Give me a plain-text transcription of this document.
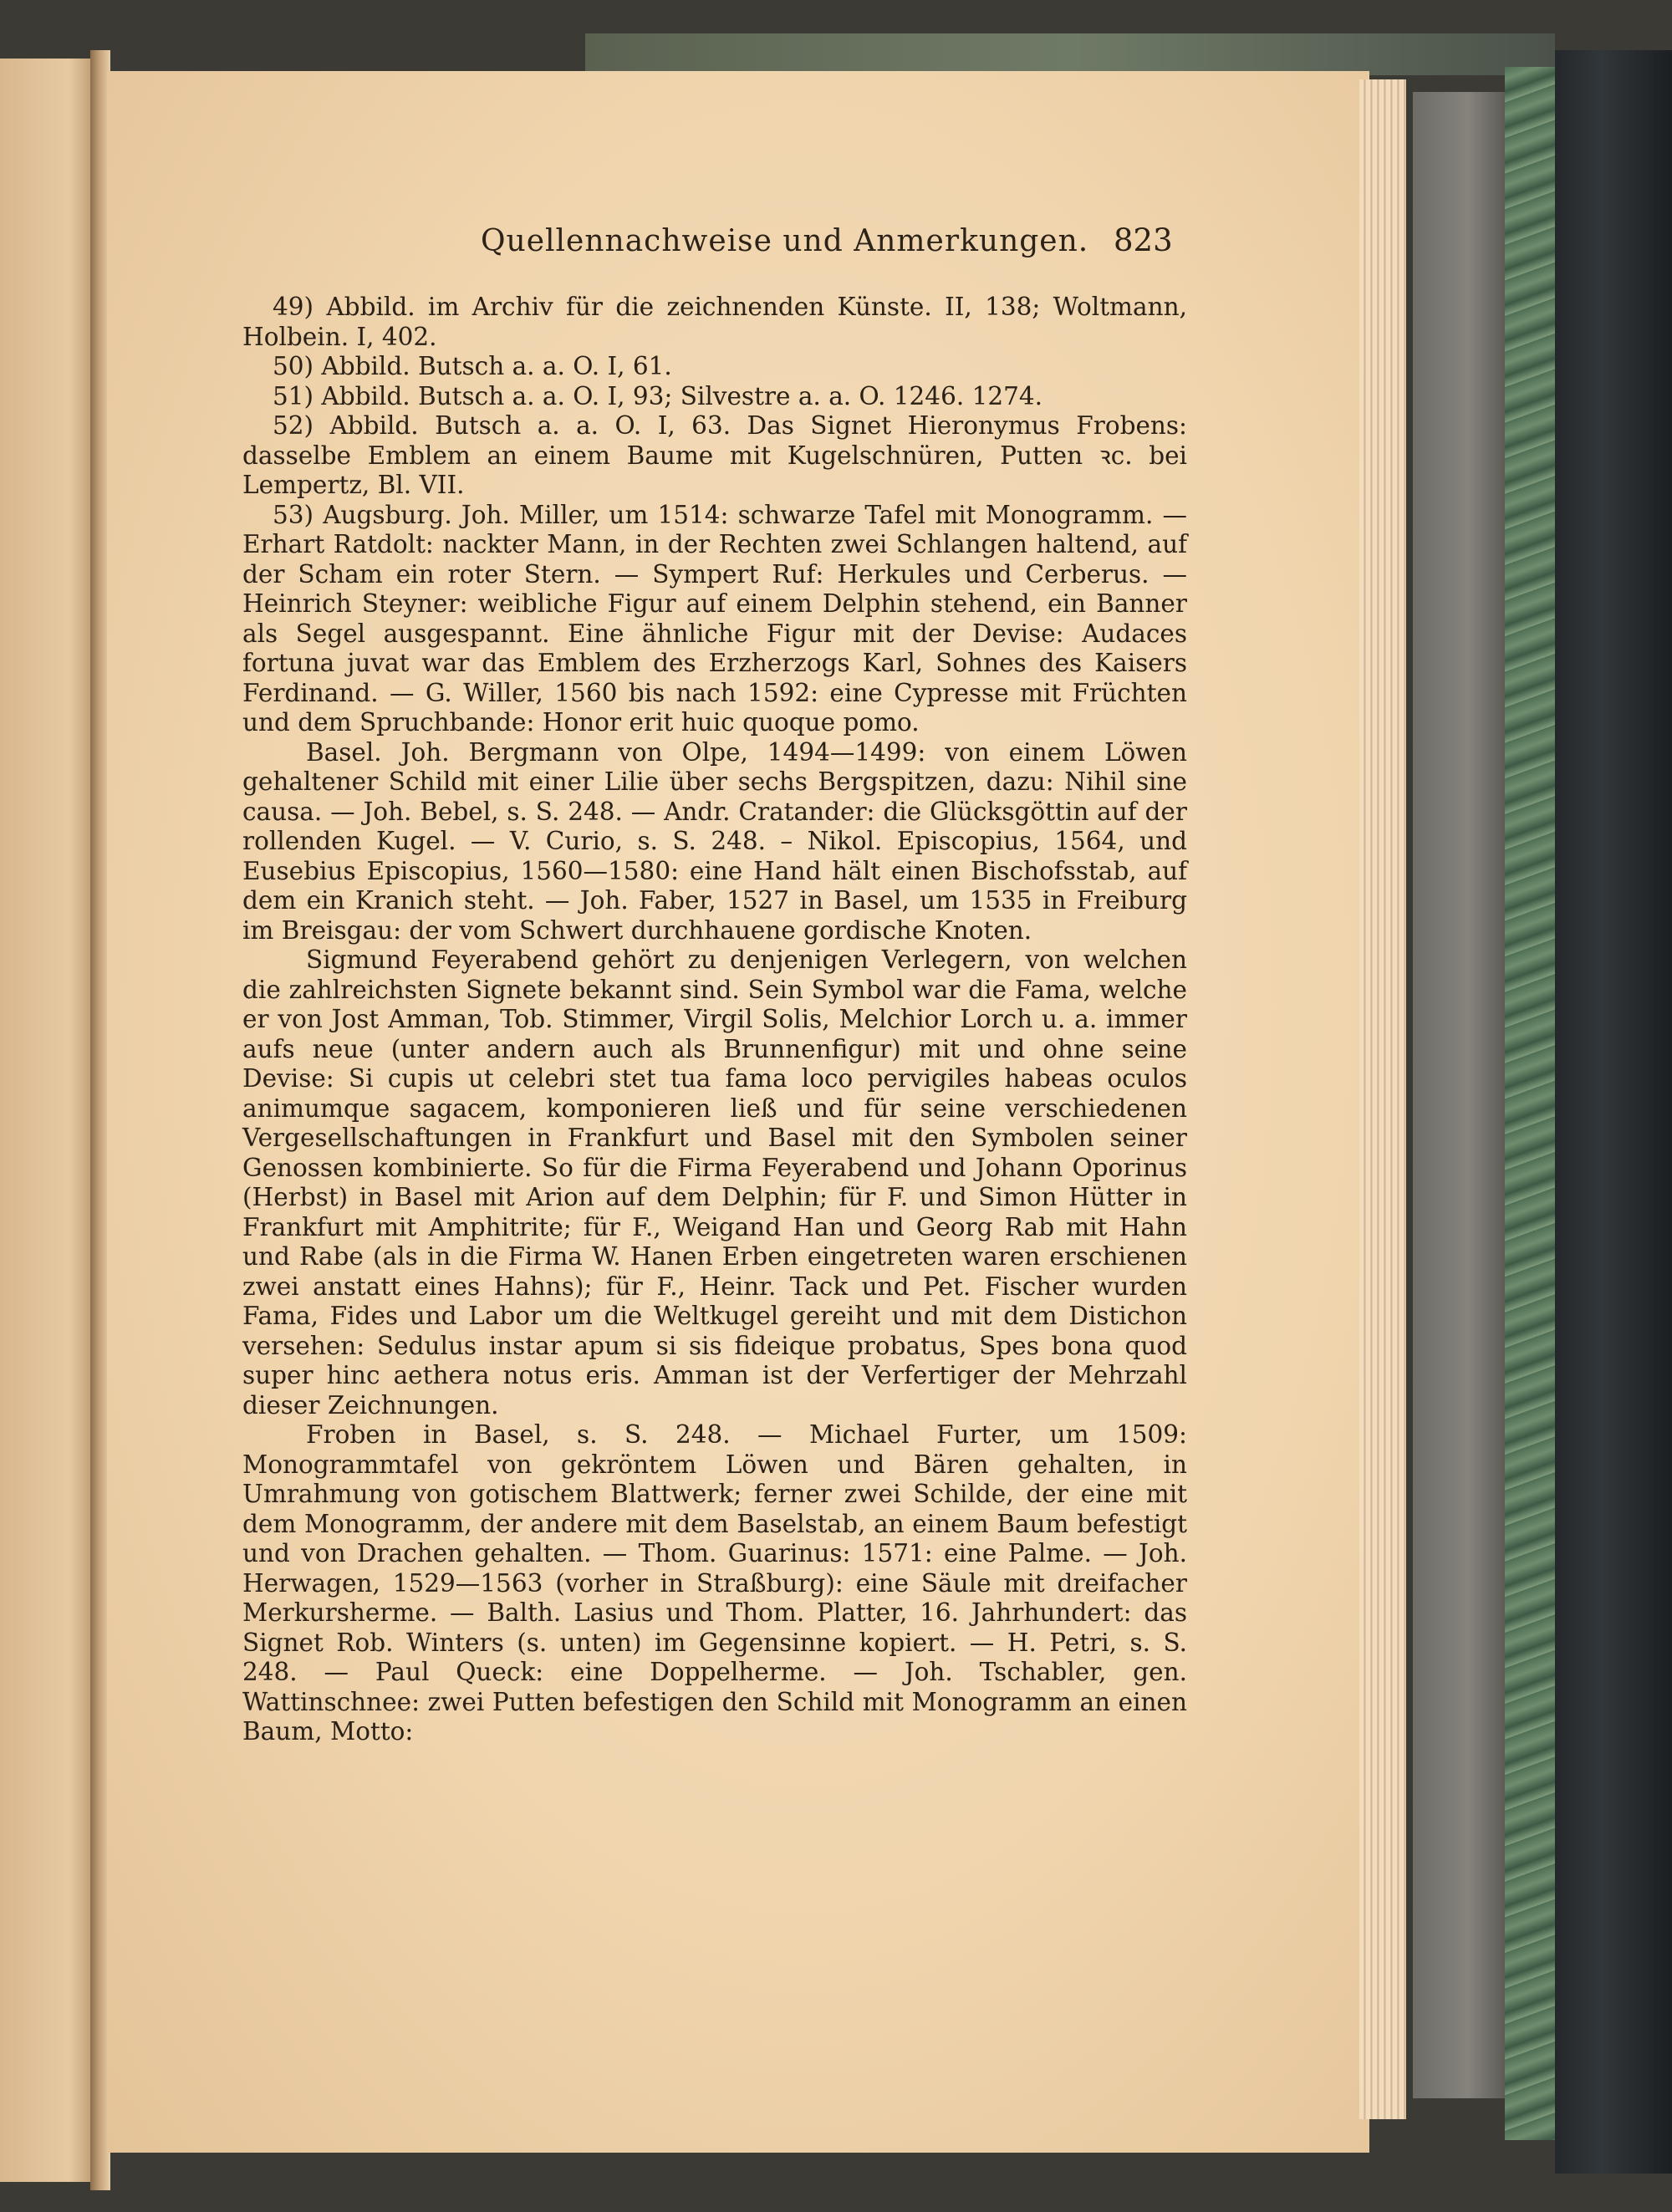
Quellennachweise und Anmerkungen. 823

49) Abbild. im Archiv für die zeichnenden Künste. II, 138; Woltmann, Holbein. I, 402.

50) Abbild. Butsch a. a. O. I, 61.

51) Abbild. Butsch a. a. O. I, 93; Silvestre a. a. O. 1246. 1274.

52) Abbild. Butsch a. a. O. I, 63. Das Signet Hieronymus Frobens: dasselbe Emblem an einem Baume mit Kugelschnüren, Putten ꝛc. bei Lempertz, Bl. VII.

53) Augsburg. Joh. Miller, um 1514: schwarze Tafel mit Monogramm. — Erhart Ratdolt: nackter Mann, in der Rechten zwei Schlangen haltend, auf der Scham ein roter Stern. — Sympert Ruf: Herkules und Cerberus. — Heinrich Steyner: weibliche Figur auf einem Delphin stehend, ein Banner als Segel ausgespannt. Eine ähnliche Figur mit der Devise: Audaces fortuna juvat war das Emblem des Erzherzogs Karl, Sohnes des Kaisers Ferdinand. — G. Willer, 1560 bis nach 1592: eine Cypresse mit Früchten und dem Spruchbande: Honor erit huic quoque pomo.

Basel. Joh. Bergmann von Olpe, 1494—1499: von einem Löwen gehaltener Schild mit einer Lilie über sechs Bergspitzen, dazu: Nihil sine causa. — Joh. Bebel, s. S. 248. — Andr. Cratander: die Glücksgöttin auf der rollenden Kugel. — V. Curio, s. S. 248. – Nikol. Episcopius, 1564, und Eusebius Episcopius, 1560—1580: eine Hand hält einen Bischofsstab, auf dem ein Kranich steht. — Joh. Faber, 1527 in Basel, um 1535 in Freiburg im Breisgau: der vom Schwert durchhauene gordische Knoten.

Sigmund Feyerabend gehört zu denjenigen Verlegern, von welchen die zahlreichsten Signete bekannt sind. Sein Symbol war die Fama, welche er von Jost Amman, Tob. Stimmer, Virgil Solis, Melchior Lorch u. a. immer aufs neue (unter andern auch als Brunnenfigur) mit und ohne seine Devise: Si cupis ut celebri stet tua fama loco pervigiles habeas oculos animumque sagacem, komponieren ließ und für seine verschiedenen Vergesellschaftungen in Frankfurt und Basel mit den Symbolen seiner Genossen kombinierte. So für die Firma Feyerabend und Johann Oporinus (Herbst) in Basel mit Arion auf dem Delphin; für F. und Simon Hütter in Frankfurt mit Amphitrite; für F., Weigand Han und Georg Rab mit Hahn und Rabe (als in die Firma W. Hanen Erben eingetreten waren erschienen zwei anstatt eines Hahns); für F., Heinr. Tack und Pet. Fischer wurden Fama, Fides und Labor um die Weltkugel gereiht und mit dem Distichon versehen: Sedulus instar apum si sis fideique probatus, Spes bona quod super hinc aethera notus eris. Amman ist der Verfertiger der Mehrzahl dieser Zeichnungen.

Froben in Basel, s. S. 248. — Michael Furter, um 1509: Monogrammtafel von gekröntem Löwen und Bären gehalten, in Umrahmung von gotischem Blattwerk; ferner zwei Schilde, der eine mit dem Monogramm, der andere mit dem Baselstab, an einem Baum befestigt und von Drachen gehalten. — Thom. Guarinus: 1571: eine Palme. — Joh. Herwagen, 1529—1563 (vorher in Straßburg): eine Säule mit dreifacher Merkursherme. — Balth. Lasius und Thom. Platter, 16. Jahrhundert: das Signet Rob. Winters (s. unten) im Gegensinne kopiert. — H. Petri, s. S. 248. — Paul Queck: eine Doppelherme. — Joh. Tschabler, gen. Wattinschnee: zwei Putten befestigen den Schild mit Monogramm an einen Baum, Motto:
